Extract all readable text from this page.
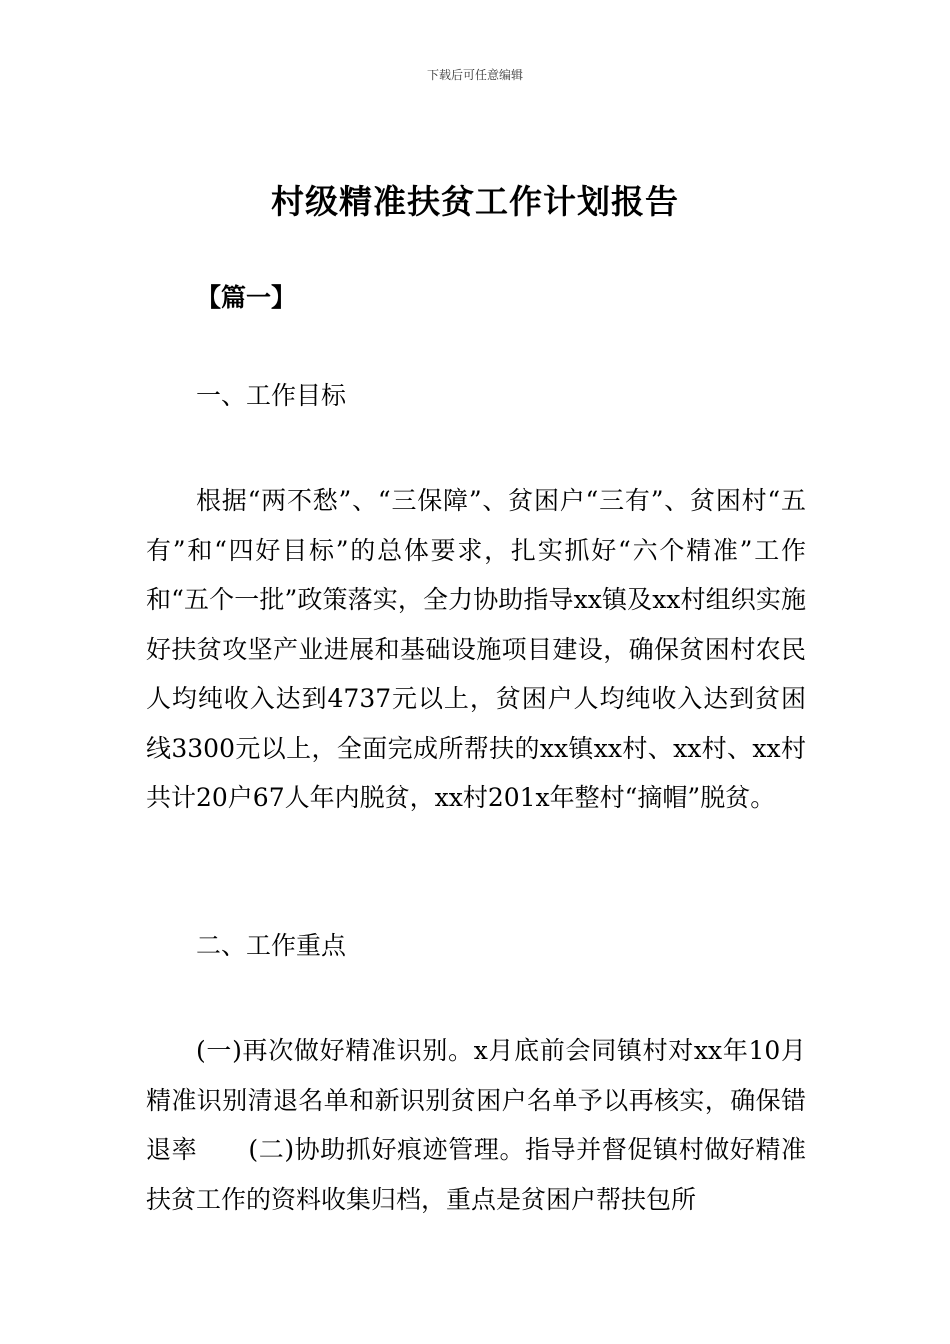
下载后可任意编辑
村级精准扶贫工作计划报告
【篇一】
一、工作目标

根据“两不愁”、“三保障”、贫困户“三有”、贫困村“五有”和“四好目标”的总体要求，扎实抓好“六个精准”工作和“五个一批”政策落实，全力协助指导xx镇及xx村组织实施好扶贫攻坚产业进展和基础设施项目建设，确保贫困村农民人均纯收入达到4737元以上，贫困户人均纯收入达到贫困线3300元以上，全面完成所帮扶的xx镇xx村、xx村、xx村共计20户67人年内脱贫，xx村201x年整村“摘帽”脱贫。

二、工作重点

(一)再次做好精准识别。x月底前会同镇村对xx年10月精准识别清退名单和新识别贫困户名单予以再核实，确保错退率　　(二)协助抓好痕迹管理。指导并督促镇村做好精准扶贫工作的资料收集归档，重点是贫困户帮扶包所
